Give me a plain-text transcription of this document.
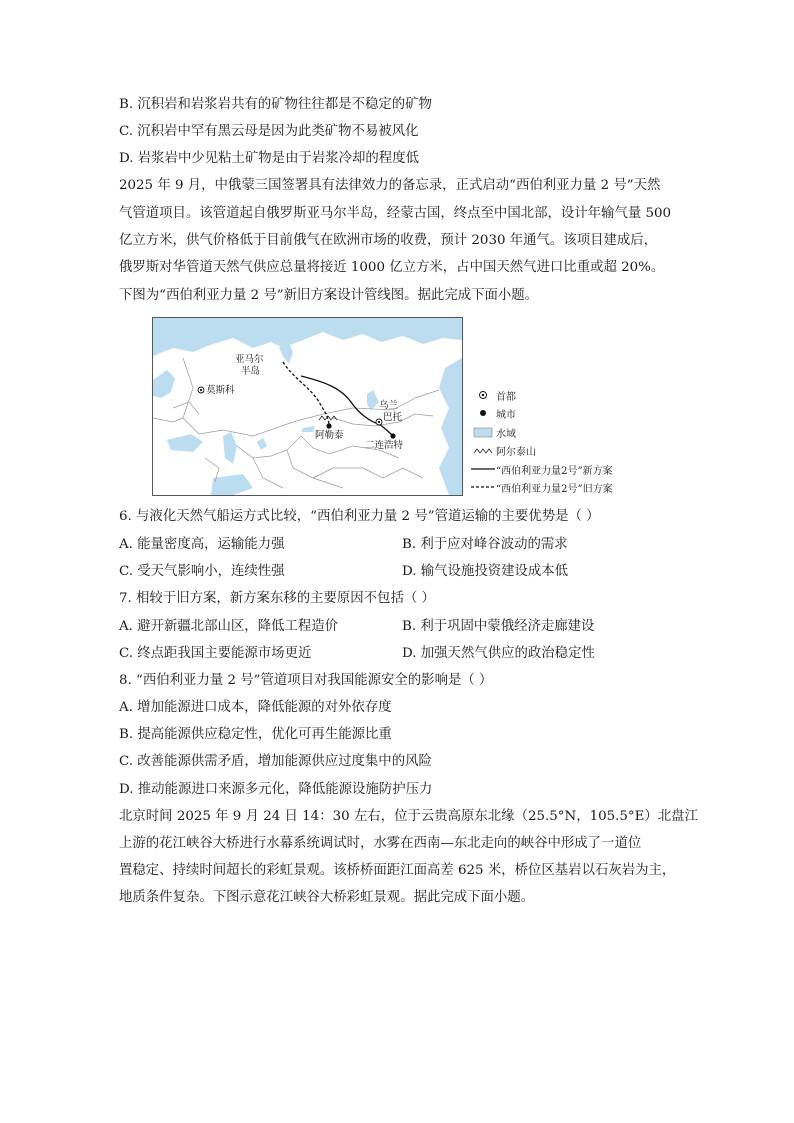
B. 沉积岩和岩浆岩共有的矿物往往都是不稳定的矿物
C. 沉积岩中罕有黑云母是因为此类矿物不易被风化
D. 岩浆岩中少见粘土矿物是由于岩浆冷却的程度低
2025 年 9 月，中俄蒙三国签署具有法律效力的备忘录，正式启动“西伯利亚力量 2 号”天然
气管道项目。该管道起自俄罗斯亚马尔半岛，经蒙古国，终点至中国北部，设计年输气量 500
亿立方米，供气价格低于目前俄气在欧洲市场的收费，预计 2030 年通气。该项目建成后，
俄罗斯对华管道天然气供应总量将接近 1000 亿立方米，占中国天然气进口比重或超 20%。
下图为“西伯利亚力量 2 号”新旧方案设计管线图。据此完成下面小题。
亚马尔
半岛
莫斯科
乌兰
巴托
阿勒泰
二连浩特
首都
城市
水域
阿尔泰山
“西伯利亚力量2号”新方案
“西伯利亚力量2号”旧方案
6. 与液化天然气船运方式比较，“西伯利亚力量 2 号”管道运输的主要优势是（ ）
A. 能量密度高，运输能力强	B. 利于应对峰谷波动的需求
C. 受天气影响小，连续性强	D. 输气设施投资建设成本低
7. 相较于旧方案，新方案东移的主要原因不包括（ ）
A. 避开新疆北部山区，降低工程造价	B. 利于巩固中蒙俄经济走廊建设
C. 终点距我国主要能源市场更近	D. 加强天然气供应的政治稳定性
8. “西伯利亚力量 2 号”管道项目对我国能源安全的影响是（ ）
A. 增加能源进口成本，降低能源的对外依存度
B. 提高能源供应稳定性，优化可再生能源比重
C. 改善能源供需矛盾，增加能源供应过度集中的风险
D. 推动能源进口来源多元化，降低能源设施防护压力
北京时间 2025 年 9 月 24 日 14：30 左右，位于云贵高原东北缘（25.5°N，105.5°E）北盘江
上游的花江峡谷大桥进行水幕系统调试时，水雾在西南—东北走向的峡谷中形成了一道位
置稳定、持续时间超长的彩虹景观。该桥桥面距江面高差 625 米，桥位区基岩以石灰岩为主，
地质条件复杂。下图示意花江峡谷大桥彩虹景观。据此完成下面小题。
